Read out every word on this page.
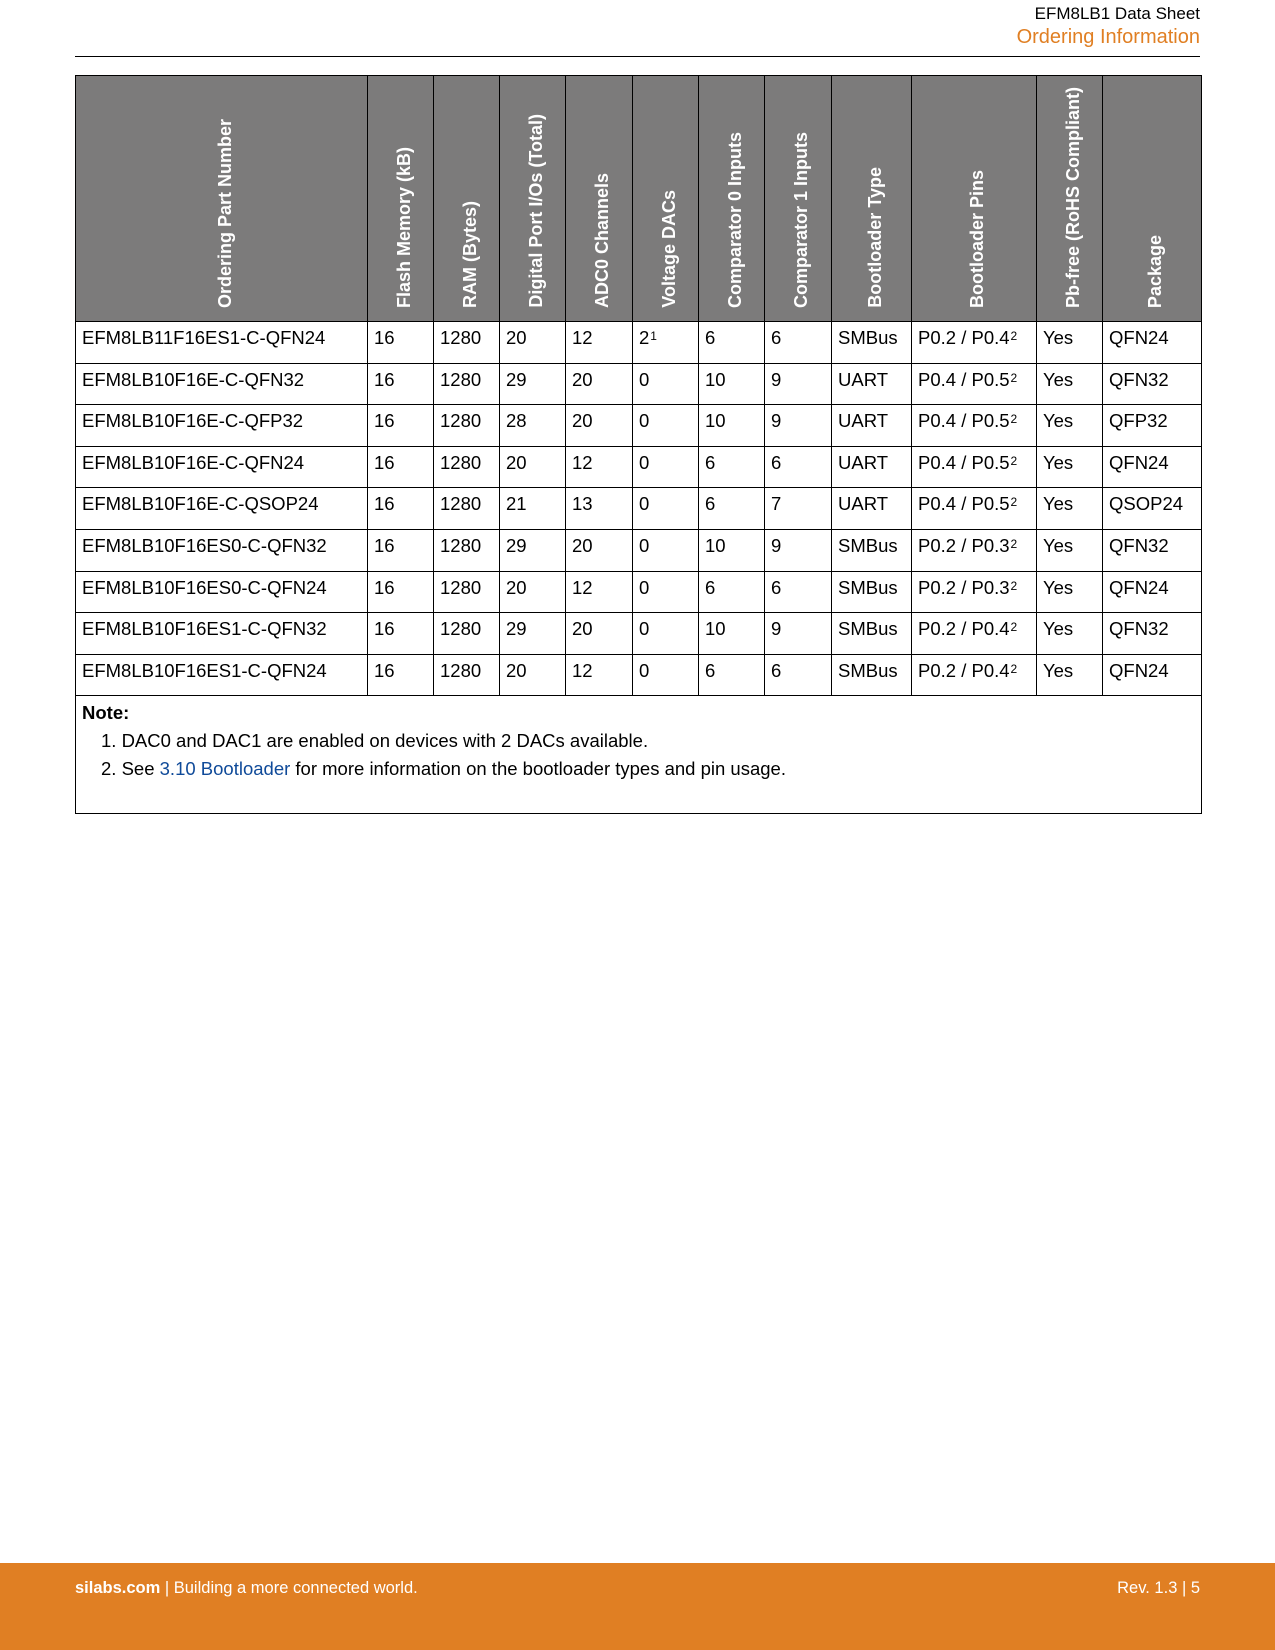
EFM8LB1 Data Sheet
Ordering Information
Ordering Part Number	Flash Memory (kB)	RAM (Bytes)	Digital Port I/Os (Total)	ADC0 Channels	Voltage DACs	Comparator 0 Inputs	Comparator 1 Inputs	Bootloader Type	Bootloader Pins	Pb-free (RoHS Compliant)	Package
EFM8LB11F16ES1-C-QFN24	16	1280	20	12	$2^1$	6	6	SMBus	$P0.2 / P0.4^2$	Yes	QFN24
EFM8LB10F16E-C-QFN32	16	1280	29	20	0	10	9	UART	$P0.4 / P0.5^2$	Yes	QFN32
EFM8LB10F16E-C-QFP32	16	1280	28	20	0	10	9	UART	$P0.4 / P0.5^2$	Yes	QFP32
EFM8LB10F16E-C-QFN24	16	1280	20	12	0	6	6	UART	$P0.4 / P0.5^2$	Yes	QFN24
EFM8LB10F16E-C-QSOP24	16	1280	21	13	0	6	7	UART	$P0.4 / P0.5^2$	Yes	QSOP24
EFM8LB10F16ES0-C-QFN32	16	1280	29	20	0	10	9	SMBus	$P0.2 / P0.3^2$	Yes	QFN32
EFM8LB10F16ES0-C-QFN24	16	1280	20	12	0	6	6	SMBus	$P0.2 / P0.3^2$	Yes	QFN24
EFM8LB10F16ES1-C-QFN32	16	1280	29	20	0	10	9	SMBus	$P0.2 / P0.4^2$	Yes	QFN32
EFM8LB10F16ES1-C-QFN24	16	1280	20	12	0	6	6	SMBus	$P0.2 / P0.4^2$	Yes	QFN24

Note:
1. DAC0 and DAC1 are enabled on devices with 2 DACs available.
2. See 3.10 Bootloader for more information on the bootloader types and pin usage.											
silabs.com | Building a more connected world.	Rev. 1.3 | 5
